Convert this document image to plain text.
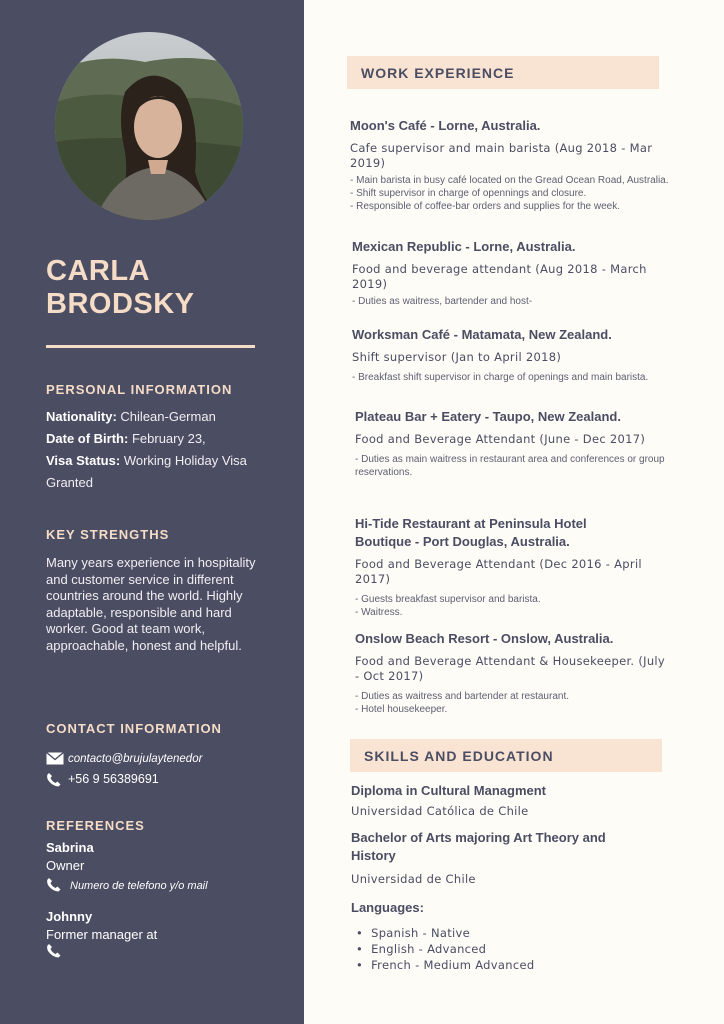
CARLA
BRODSKY
PERSONAL INFORMATION
Nationality: Chilean-German
Date of Birth: February 23,
Visa Status: Working Holiday Visa
Granted
KEY STRENGTHS
Many years experience in hospitality and customer service in different countries around the world. Highly adaptable, responsible and hard worker. Good at team work, approachable, honest and helpful.
CONTACT INFORMATION
contacto@brujulaytenedor
+56 9 56389691
REFERENCES
Sabrina
Owner
Numero de telefono y/o mail
Johnny
Former manager at
WORK EXPERIENCE
Moon's Café - Lorne, Australia.
Cafe supervisor and main barista (Aug 2018 - Mar 2019)
- Main barista in busy café located on the Gread Ocean Road, Australia.
- Shift supervisor in charge of opennings and closure.
- Responsible of coffee-bar orders and supplies for the week.
Mexican Republic - Lorne, Australia.
Food and beverage attendant (Aug 2018 - March 2019)
- Duties as waitress, bartender and host-
Worksman Café - Matamata, New Zealand.
Shift supervisor (Jan to April 2018)
- Breakfast shift supervisor in charge of openings and main barista.
Plateau Bar + Eatery - Taupo, New Zealand.
Food and Beverage Attendant (June - Dec 2017)
- Duties as main waitress in restaurant area and conferences or group reservations.
Hi-Tide Restaurant at Peninsula Hotel Boutique - Port Douglas, Australia.
Food and Beverage Attendant (Dec 2016 - April 2017)
- Guests breakfast supervisor and barista.
- Waitress.
Onslow Beach Resort - Onslow, Australia.
Food and Beverage Attendant & Housekeeper. (July - Oct 2017)
- Duties as waitress and bartender at restaurant.
- Hotel housekeeper.
SKILLS AND EDUCATION
Diploma in Cultural Managment
Universidad Católica de Chile
Bachelor of Arts majoring Art Theory and History
Universidad de Chile
Languages:
• Spanish - Native
• English - Advanced
• French - Medium Advanced
